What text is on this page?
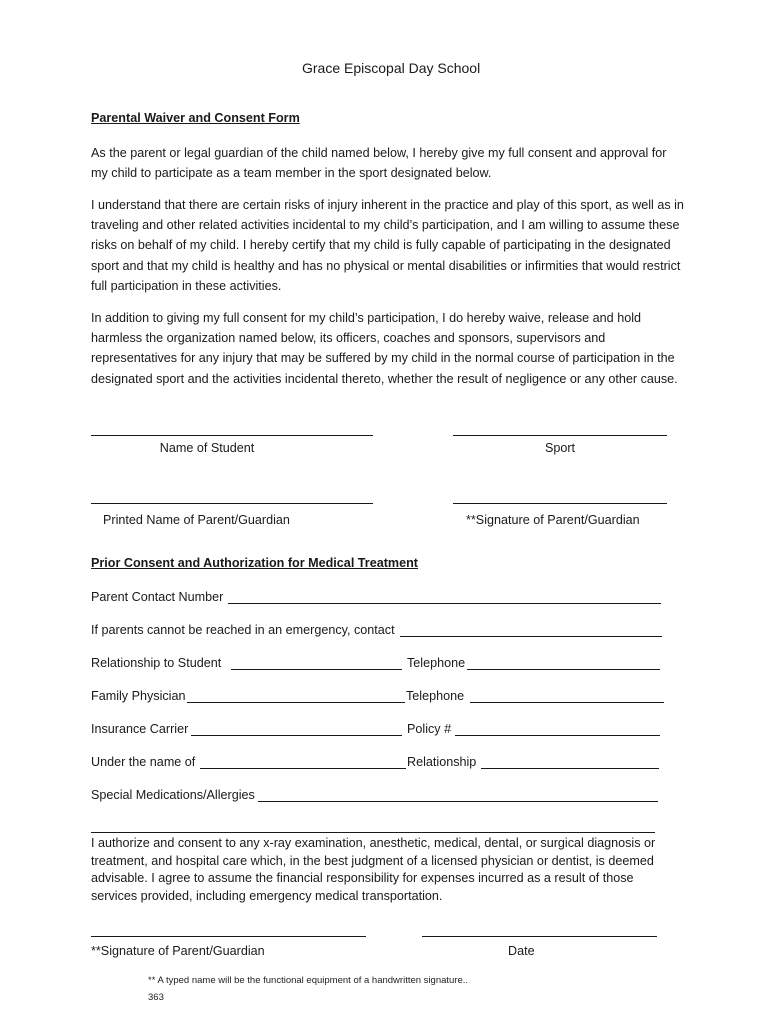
Grace Episcopal Day School
Parental Waiver and Consent Form
As the parent or legal guardian of the child named below, I hereby give my full consent and approval for my child to participate as a team member in the sport designated below.
I understand that there are certain risks of injury inherent in the practice and play of this sport, as well as in traveling and other related activities incidental to my child’s participation, and I am willing to assume these risks on behalf of my child. I hereby certify that my child is fully capable of participating in the designated sport and that my child is healthy and has no physical or mental disabilities or infirmities that would restrict full participation in these activities.
In addition to giving my full consent for my child’s participation, I do hereby waive, release and hold harmless the organization named below, its officers, coaches and sponsors, supervisors and representatives for any injury that may be suffered by my child in the normal course of participation in the designated sport and the activities incidental thereto, whether the result of negligence or any other cause.
Name of Student	Sport
Printed Name of Parent/Guardian	**Signature of Parent/Guardian
Prior Consent and Authorization for Medical Treatment
Parent Contact Number
If parents cannot be reached in an emergency, contact
Relationship to Student	Telephone
Family Physician	Telephone
Insurance Carrier	Policy #
Under the name of	Relationship
Special Medications/Allergies
I authorize and consent to any x-ray examination, anesthetic, medical, dental, or surgical diagnosis or treatment, and hospital care which, in the best judgment of a licensed physician or dentist, is deemed advisable. I agree to assume the financial responsibility for expenses incurred as a result of those services provided, including emergency medical transportation.
**Signature of Parent/Guardian	Date
** A typed name will be the functional equipment of a handwritten signature..
363
